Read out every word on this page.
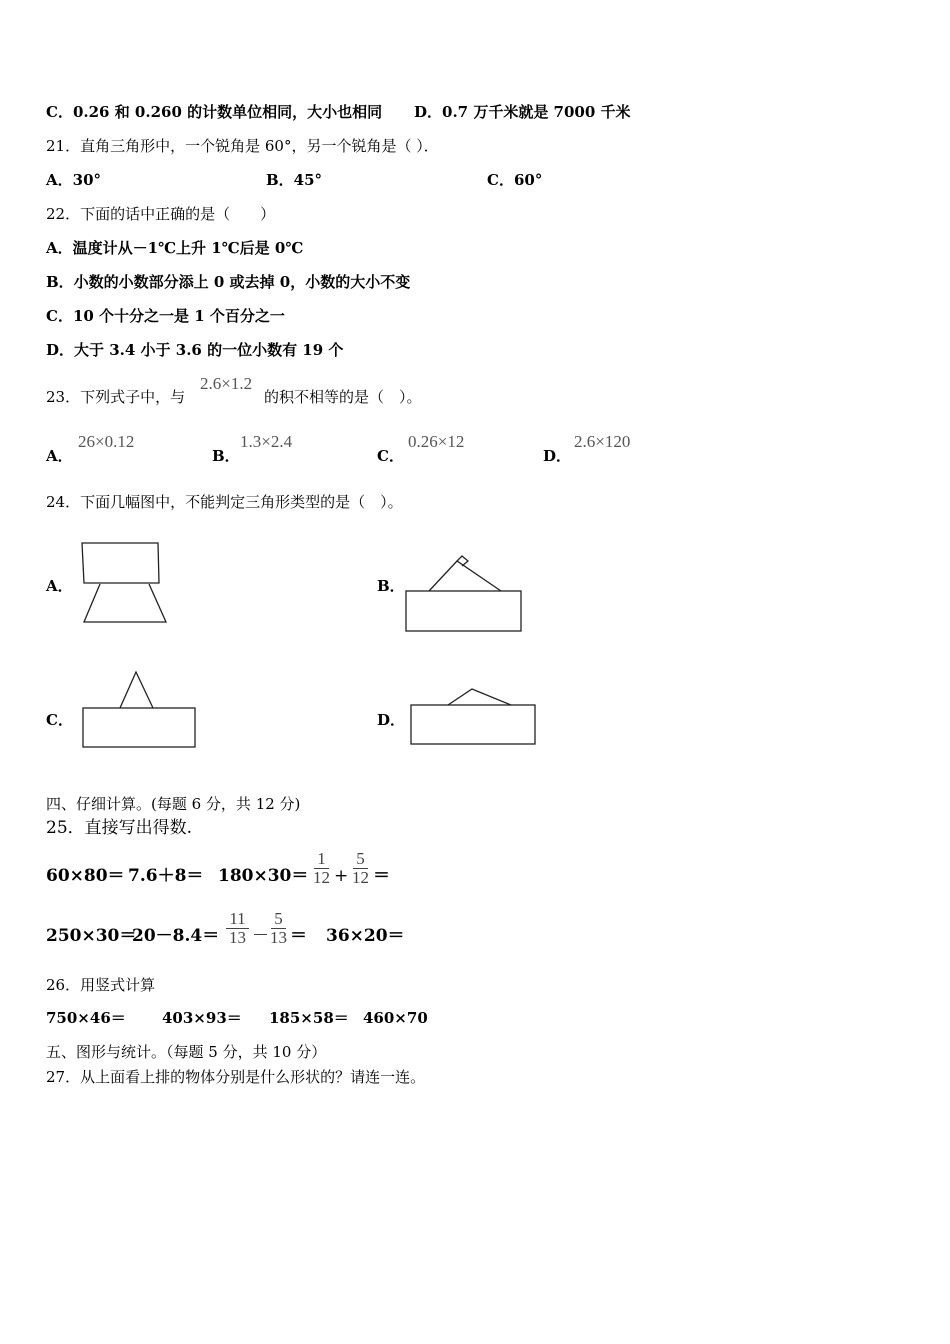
C．0.26 和 0.260 的计数单位相同，大小也相同 D．0.7 万千米就是 7000 千米
21．直角三角形中，一个锐角是 60°，另一个锐角是（ ）．
A．30°	B．45°	C．60°
22．下面的话中正确的是（　　）
A．温度计从－1℃上升 1℃后是 0℃
B．小数的小数部分添上 0 或去掉 0，小数的大小不变
C．10 个十分之一是 1 个百分之一
D．大于 3.4 小于 3.6 的一位小数有 19 个
23．下列式子中，与
2.6×1.2
的积不相等的是（　）。
A．
26×0.12
B．
1.3×2.4
C．
0.26×12
D．
2.6×120
24．下面几幅图中，不能判定三角形类型的是（　）。
A．	B．
C．	D．
四、仔细计算。(每题 6 分，共 12 分)
25．直接写出得数.
$60\times 80= 7.6+8= 180\times 30= \frac{1}{12} + \frac{5}{12}$ ＝
250×30＝
$20-8.4= \frac{11}{13}$ －
$\frac{5}{13} = 36\times 20=$
26．用竖式计算
750×46＝ 403×93＝ 185×58＝ 460×70
五、图形与统计。（每题 5 分，共 10 分）
27．从上面看上排的物体分别是什么形状的？请连一连。
